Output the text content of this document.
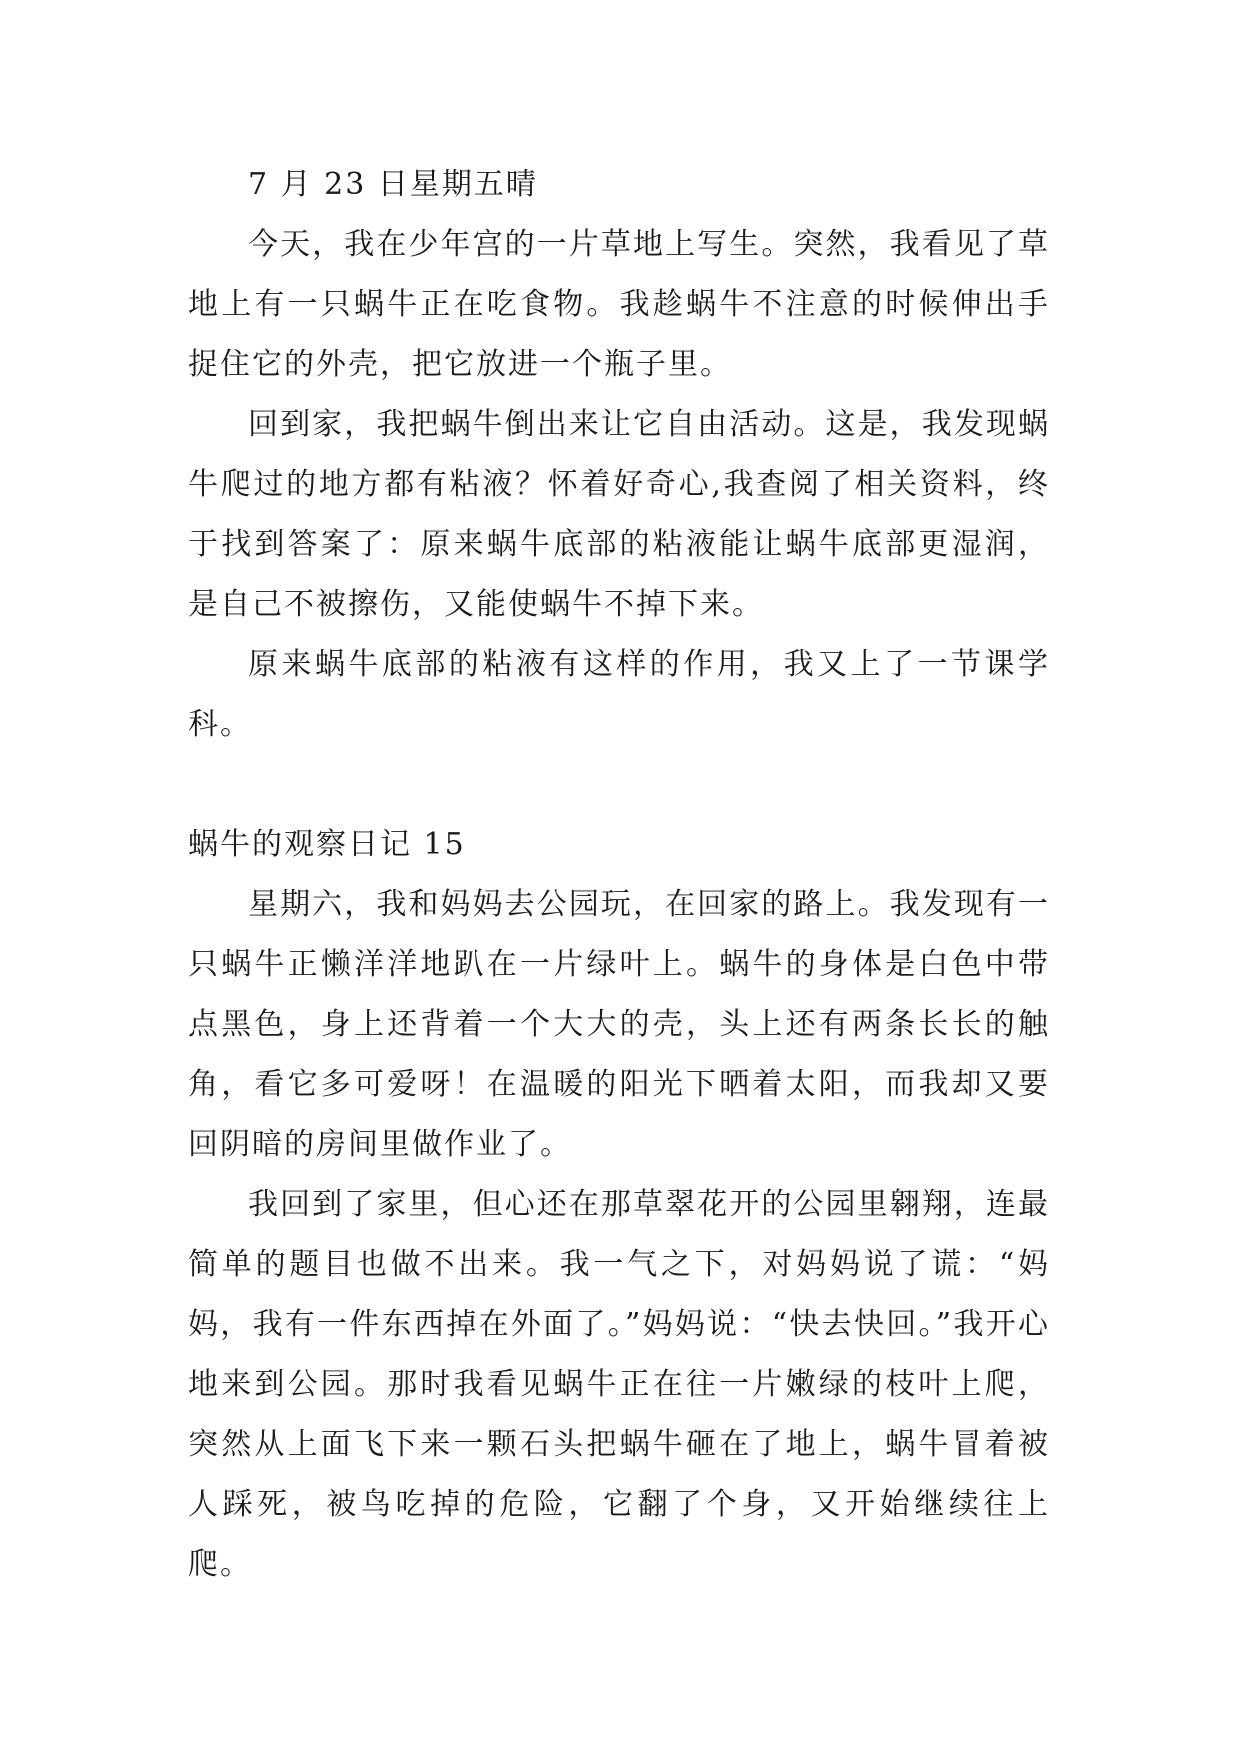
7 月 23 日星期五晴

今天，我在少年宫的一片草地上写生。突然，我看见了草地上有一只蜗牛正在吃食物。我趁蜗牛不注意的时候伸出手捉住它的外壳，把它放进一个瓶子里。

回到家，我把蜗牛倒出来让它自由活动。这是，我发现蜗牛爬过的地方都有粘液？怀着好奇心,我查阅了相关资料，终于找到答案了：原来蜗牛底部的粘液能让蜗牛底部更湿润，是自己不被擦伤，又能使蜗牛不掉下来。

原来蜗牛底部的粘液有这样的作用，我又上了一节课学科。

蜗牛的观察日记 15

星期六，我和妈妈去公园玩，在回家的路上。我发现有一只蜗牛正懒洋洋地趴在一片绿叶上。蜗牛的身体是白色中带点黑色，身上还背着一个大大的壳，头上还有两条长长的触角，看它多可爱呀！在温暖的阳光下晒着太阳，而我却又要回阴暗的房间里做作业了。

我回到了家里，但心还在那草翠花开的公园里翱翔，连最简单的题目也做不出来。我一气之下，对妈妈说了谎：“妈妈，我有一件东西掉在外面了。”妈妈说：“快去快回。”我开心地来到公园。那时我看见蜗牛正在往一片嫩绿的枝叶上爬，突然从上面飞下来一颗石头把蜗牛砸在了地上，蜗牛冒着被人踩死，被鸟吃掉的危险，它翻了个身，又开始继续往上爬。
